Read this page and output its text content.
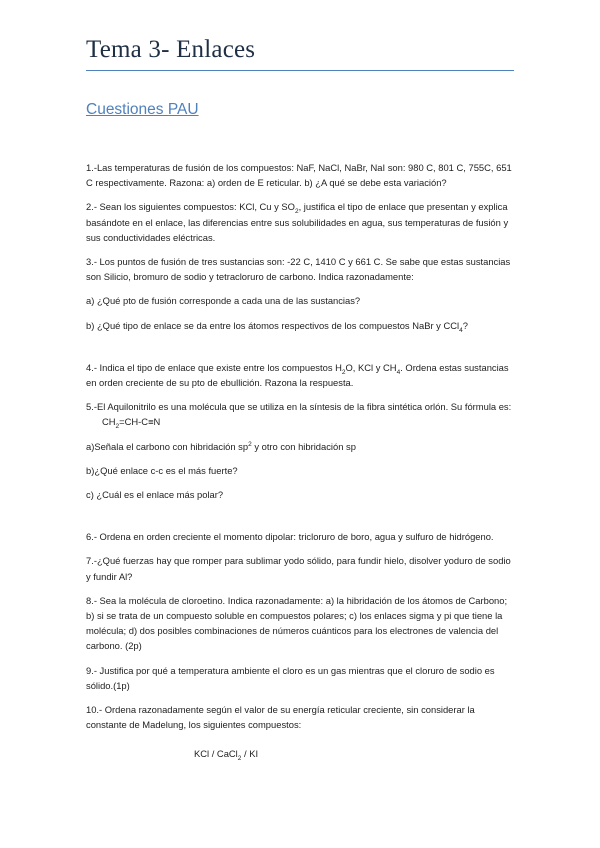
Tema 3- Enlaces
Cuestiones PAU

1.-Las temperaturas de fusión de los compuestos: NaF, NaCl, NaBr, NaI son: 980 C, 801 C, 755C, 651 C respectivamente. Razona: a) orden de E reticular. b) ¿A qué se debe esta variación?

2.- Sean los siguientes compuestos: KCl, Cu y $SO_2$, justifica el tipo de enlace que presentan y explica basándote en el enlace, las diferencias entre sus solubilidades en agua, sus temperaturas de fusión y sus conductividades eléctricas.

3.- Los puntos de fusión de tres sustancias son: -22 C, 1410 C y 661 C. Se sabe que estas sustancias son Silicio, bromuro de sodio y tetracloruro de carbono. Indica razonadamente:

a) ¿Qué pto de fusión corresponde a cada una de las sustancias?

b) ¿Qué tipo de enlace se da entre los átomos respectivos de los compuestos NaBr y CCl$_4$?

4.- Indica el tipo de enlace que existe entre los compuestos $H_2O$, KCl y $CH_4$. Ordena estas sustancias en orden creciente de su pto de ebullición. Razona la respuesta.

5.-El Aquilonitrilo es una molécula que se utiliza en la síntesis de la fibra sintética orlón. Su fórmula $es:CH_2=CH-C\equiv N$

a)Señala el carbono con hibridación $sp^2$ y otro con hibridación sp

b)¿Qué enlace c-c es el más fuerte?

c) ¿Cuál es el enlace más polar?

6.- Ordena en orden creciente el momento dipolar: tricloruro de boro, agua y sulfuro de hidrógeno.

7.-¿Qué fuerzas hay que romper para sublimar yodo sólido, para fundir hielo, disolver yoduro de sodio y fundir Al?

8.- Sea la molécula de cloroetino. Indica razonadamente: a) la hibridación de los átomos de Carbono; b) si se trata de un compuesto soluble en compuestos polares; c) los enlaces sigma y pi que tiene la molécula; d) dos posibles combinaciones de números cuánticos para los electrones de valencia del carbono. (2p)

9.- Justifica por qué a temperatura ambiente el cloro es un gas mientras que el cloruro de sodio es sólido.(1p)

10.- Ordena razonadamente según el valor de su energía reticular creciente, sin considerar la constante de Madelung, los siguientes compuestos:

KCl / CaCl$_2$ / KI
